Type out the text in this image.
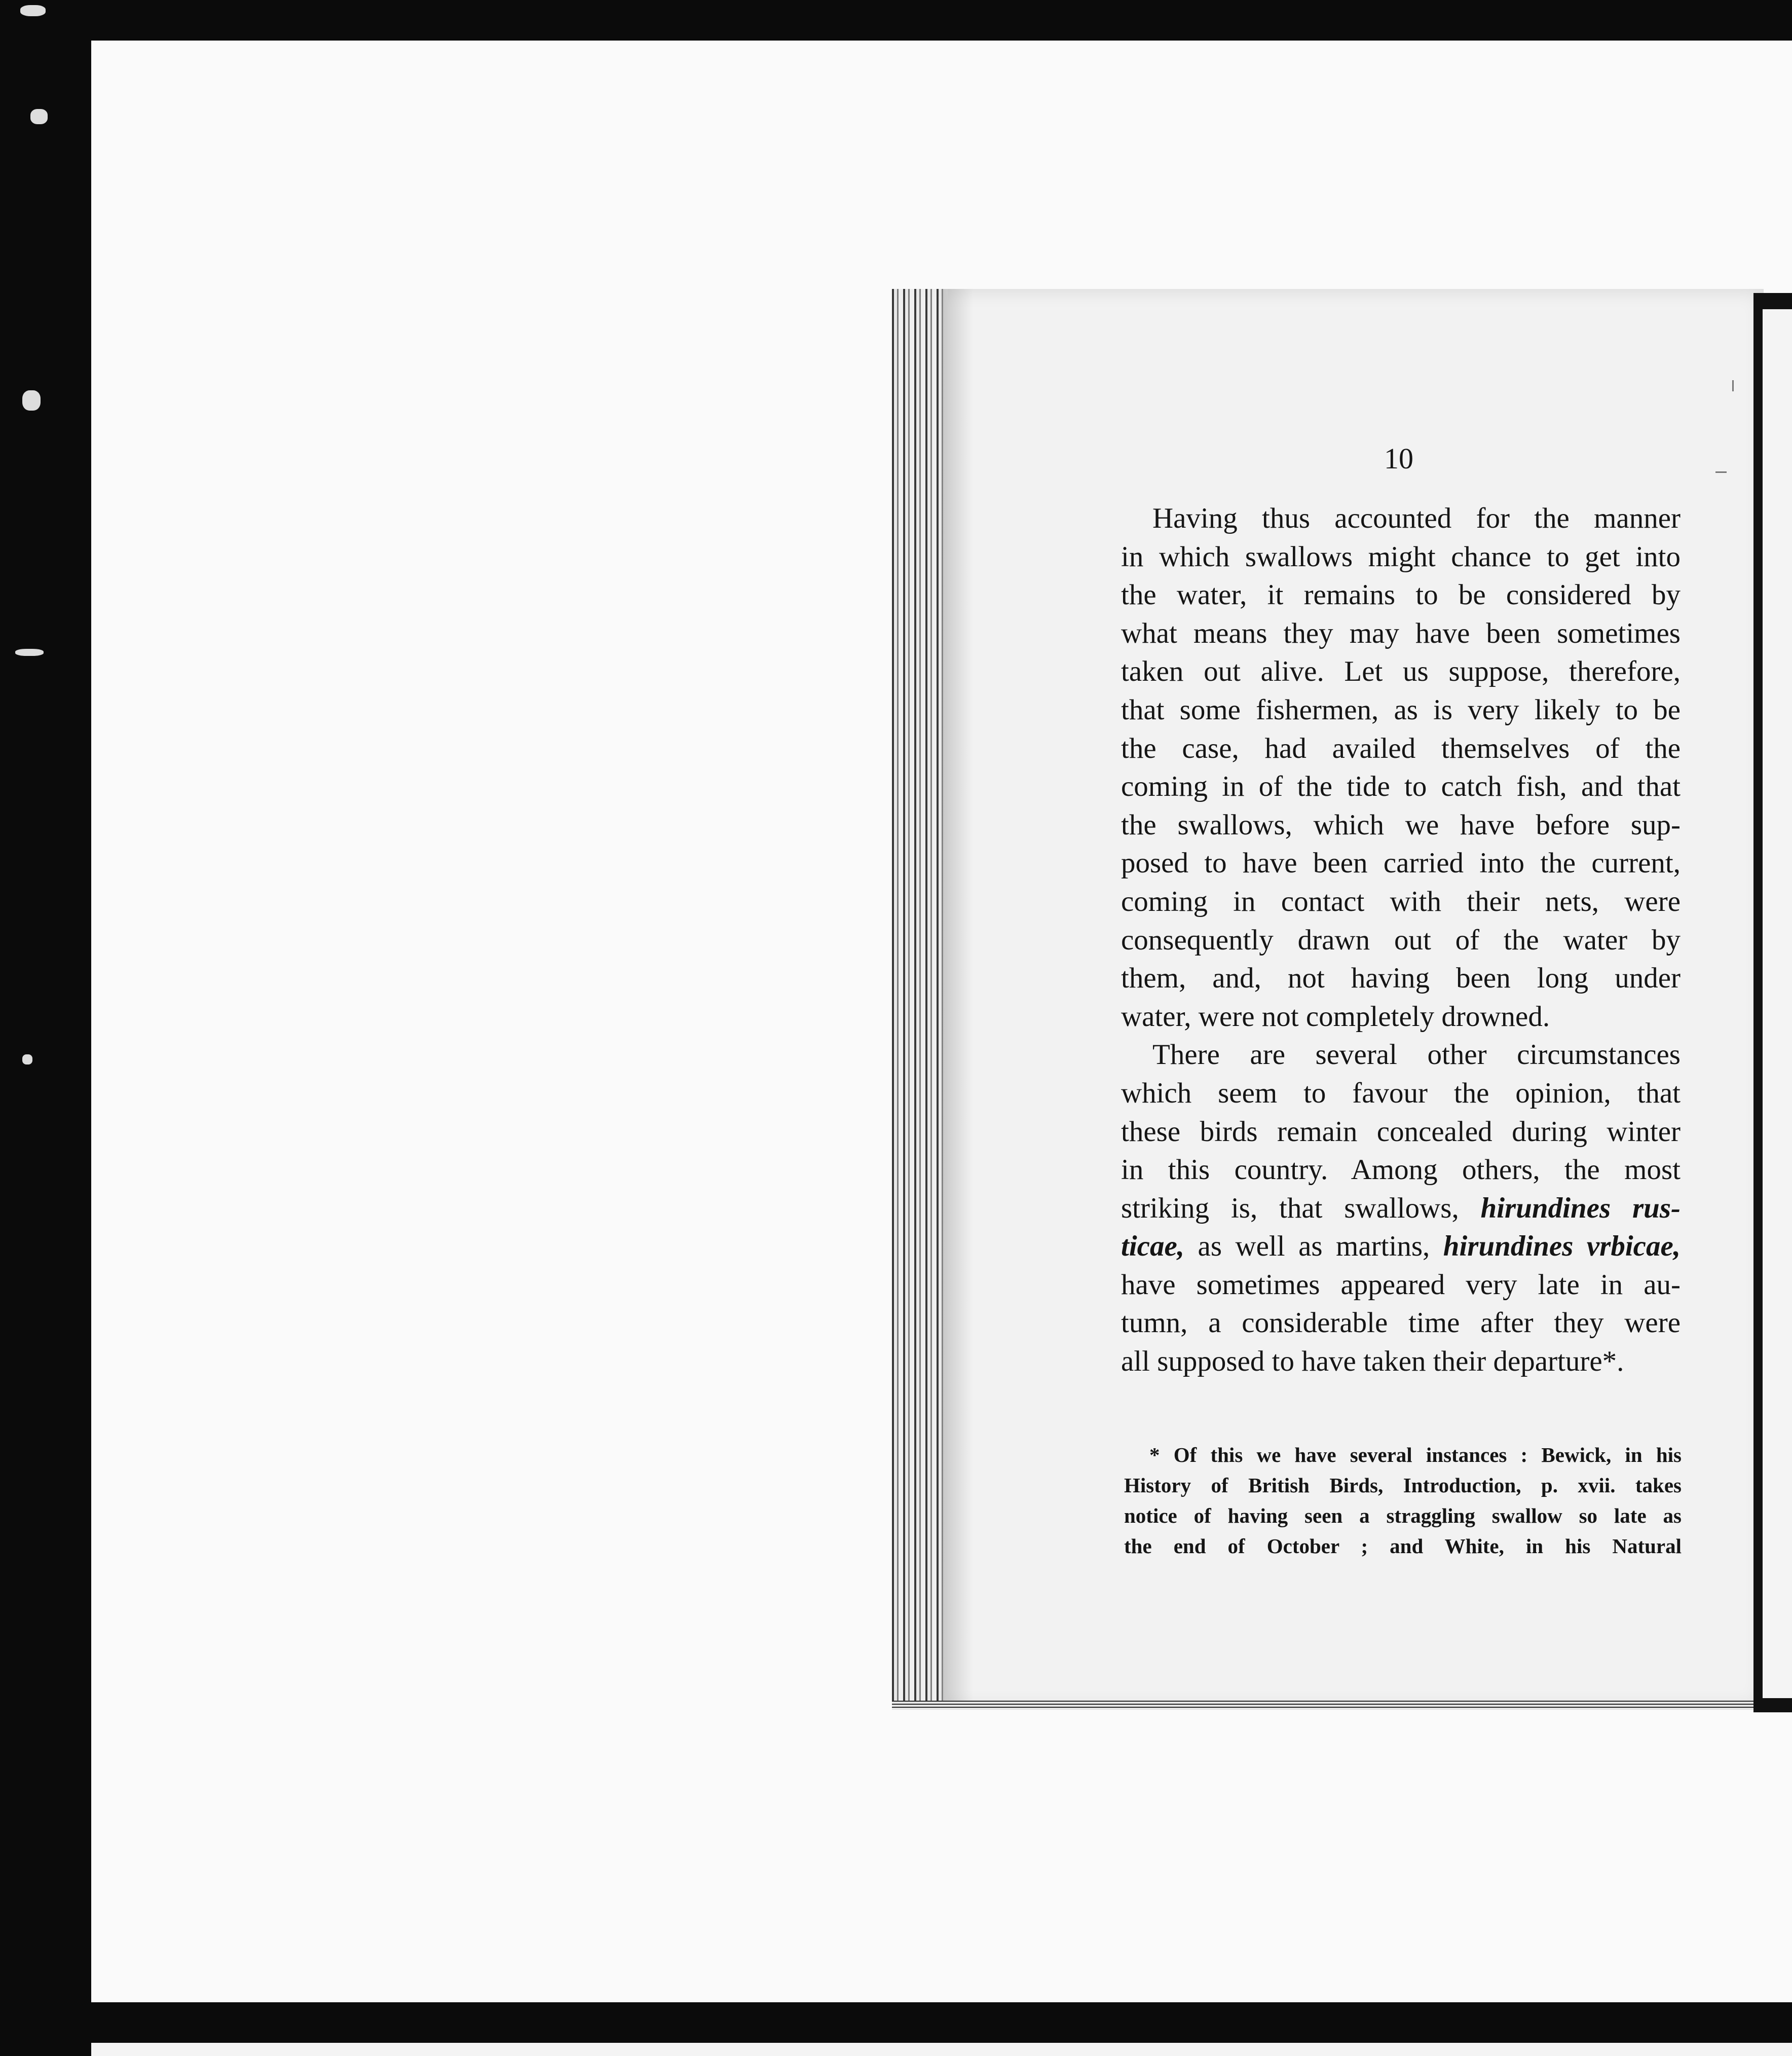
10
Having thus accounted for the manner
in which swallows might chance to get into
the water, it remains to be considered by
what means they may have been sometimes
taken out alive. Let us suppose, therefore,
that some fishermen, as is very likely to be
the case, had availed themselves of the
coming in of the tide to catch fish, and that
the swallows, which we have before sup-
posed to have been carried into the current,
coming in contact with their nets, were
consequently drawn out of the water by
them, and, not having been long under
water, were not completely drowned.
There are several other circumstances
which seem to favour the opinion, that
these birds remain concealed during winter
in this country. Among others, the most
striking is, that swallows, hirundines rus-
ticae, as well as martins, hirundines vrbicae,
have sometimes appeared very late in au-
tumn, a considerable time after they were
all supposed to have taken their departure*.
* Of this we have several instances : Bewick, in his
History of British Birds, Introduction, p. xvii. takes
notice of having seen a straggling swallow so late as
the end of October ; and White, in his Natural
